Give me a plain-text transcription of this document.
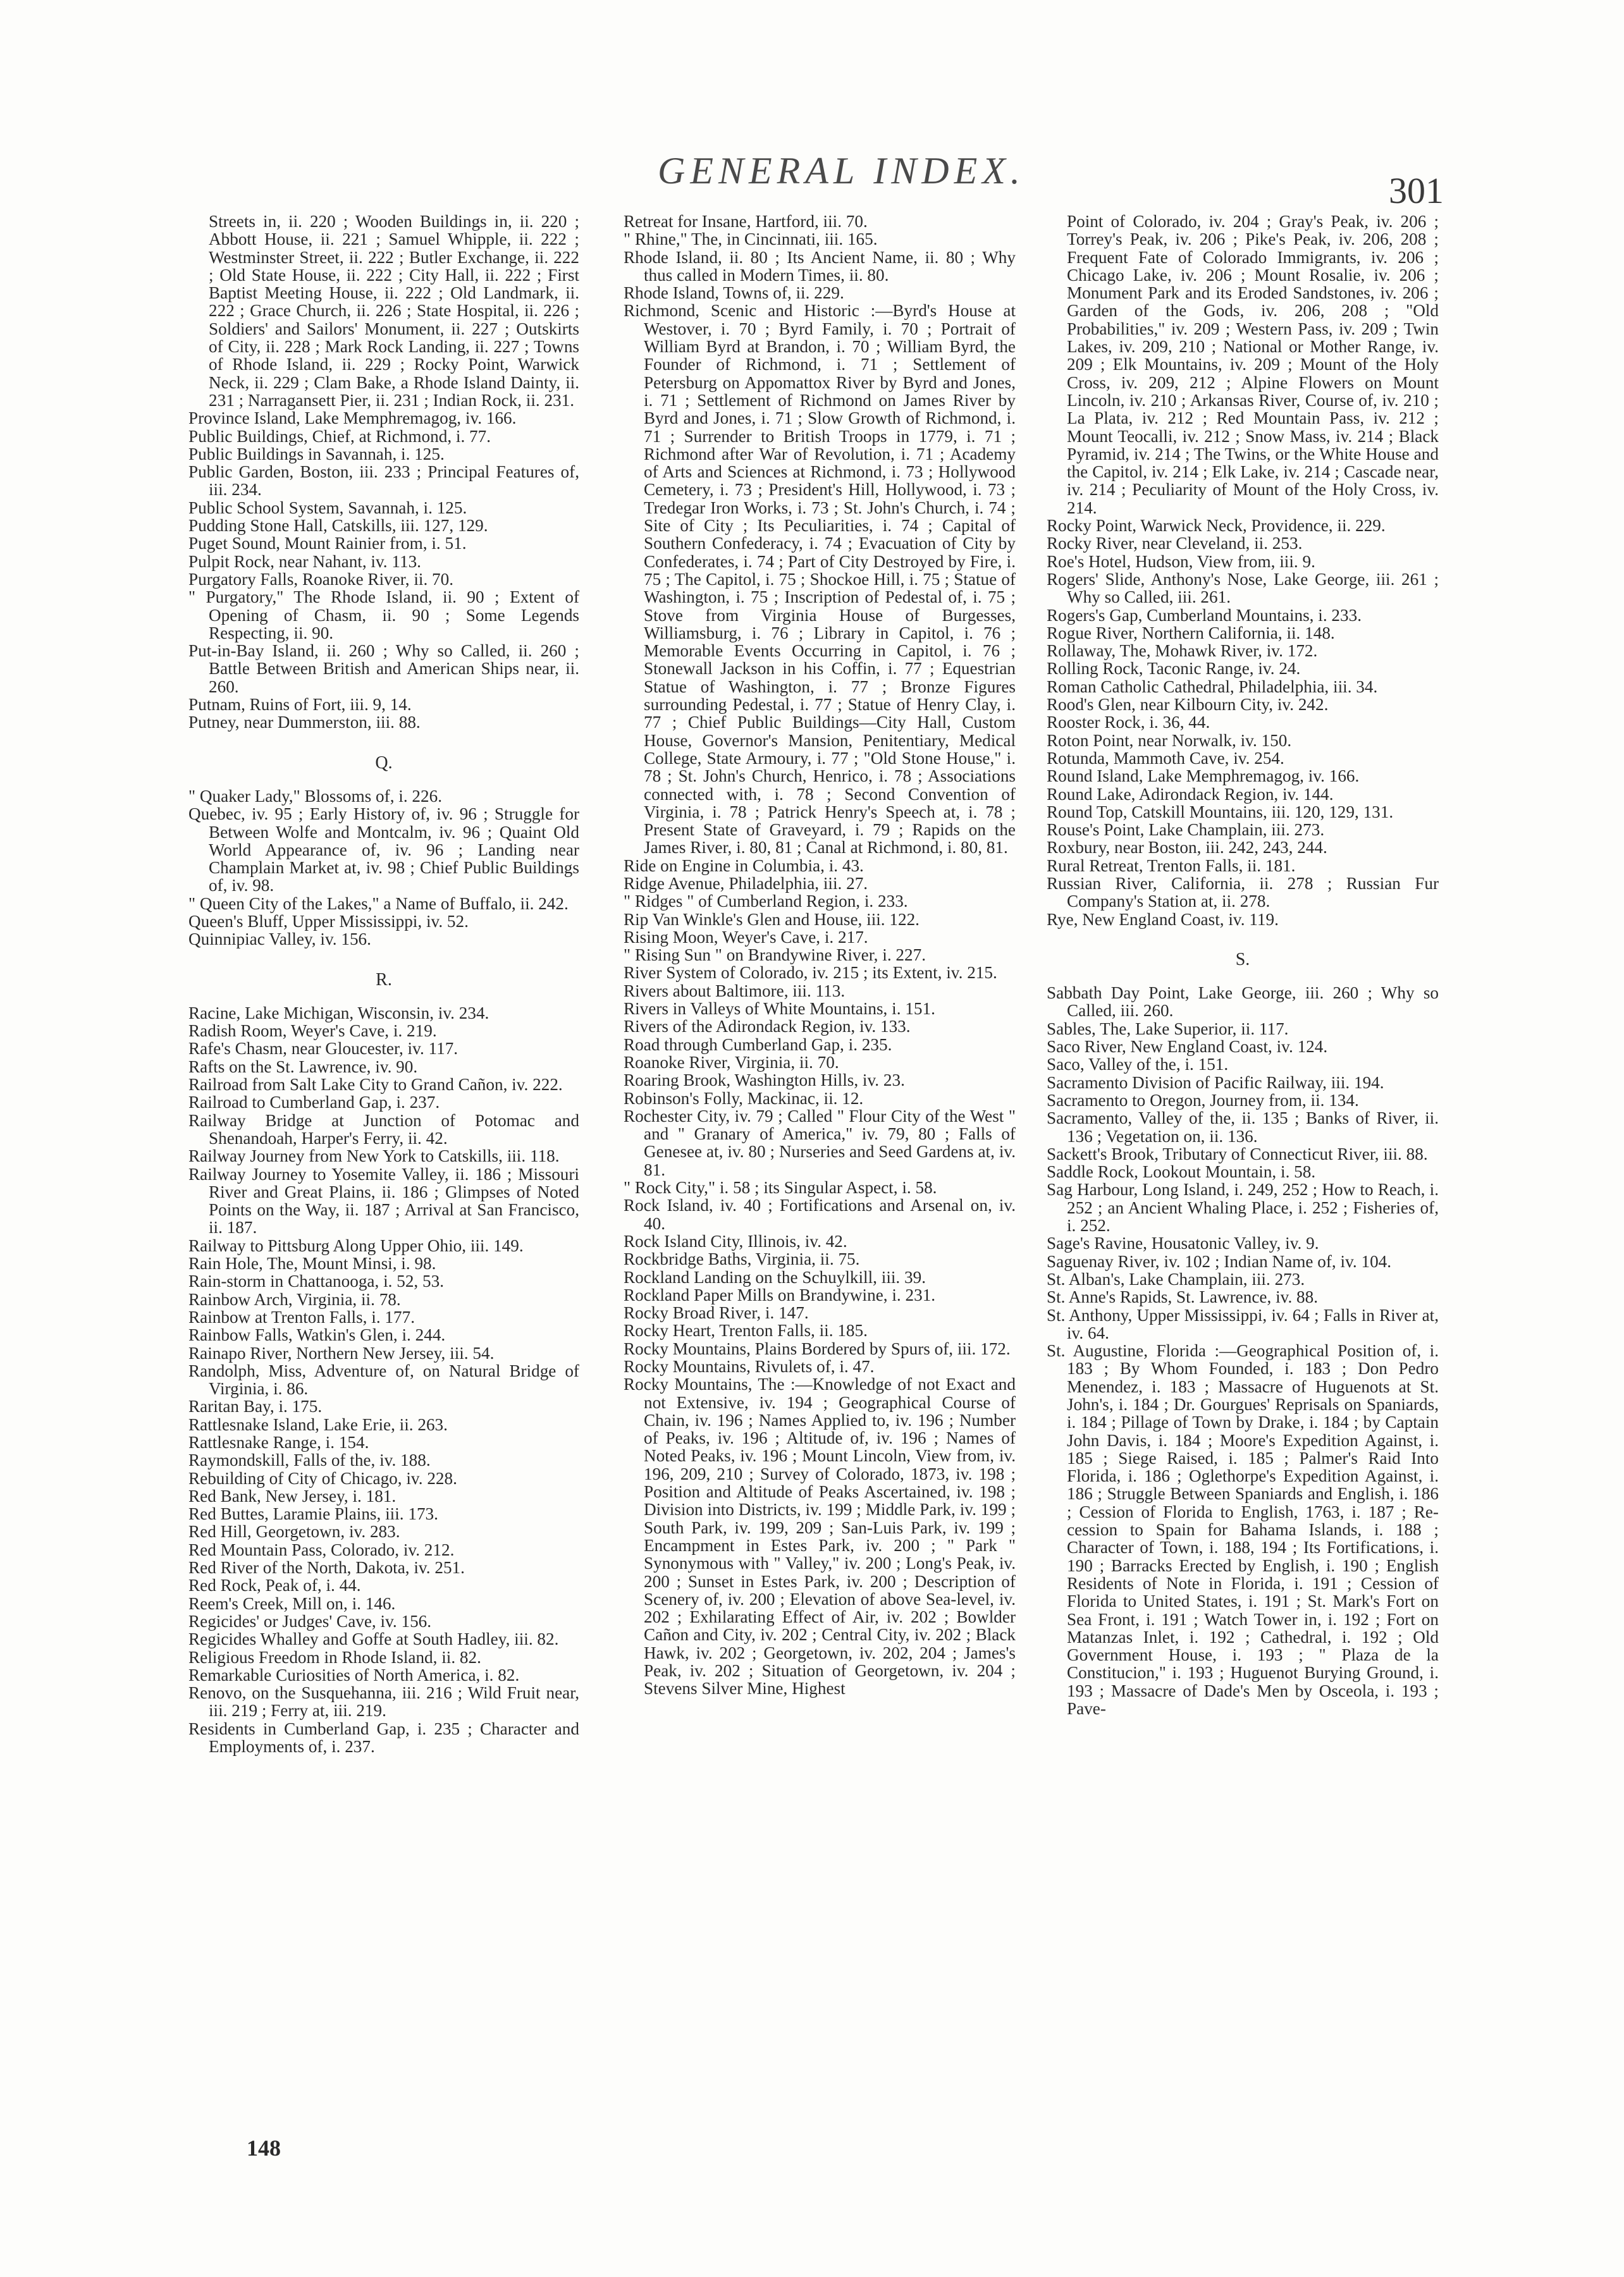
GENERAL INDEX.	301

Streets in, ii. 220 ; Wooden Buildings in, ii. 220 ; Abbott House, ii. 221 ; Samuel Whipple, ii. 222 ; Westminster Street, ii. 222 ; Butler Exchange, ii. 222 ; Old State House, ii. 222 ; City Hall, ii. 222 ; First Baptist Meeting House, ii. 222 ; Old Landmark, ii. 222 ; Grace Church, ii. 226 ; State Hospital, ii. 226 ; Soldiers' and Sailors' Monument, ii. 227 ; Outskirts of City, ii. 228 ; Mark Rock Landing, ii. 227 ; Towns of Rhode Island, ii. 229 ; Rocky Point, Warwick Neck, ii. 229 ; Clam Bake, a Rhode Island Dainty, ii. 231 ; Narragansett Pier, ii. 231 ; Indian Rock, ii. 231.

Province Island, Lake Memphremagog, iv. 166.

Public Buildings, Chief, at Richmond, i. 77.

Public Buildings in Savannah, i. 125.

Public Garden, Boston, iii. 233 ; Principal Features of, iii. 234.

Public School System, Savannah, i. 125.

Pudding Stone Hall, Catskills, iii. 127, 129.

Puget Sound, Mount Rainier from, i. 51.

Pulpit Rock, near Nahant, iv. 113.

Purgatory Falls, Roanoke River, ii. 70.

" Purgatory," The Rhode Island, ii. 90 ; Extent of Opening of Chasm, ii. 90 ; Some Legends Respecting, ii. 90.

Put-in-Bay Island, ii. 260 ; Why so Called, ii. 260 ; Battle Between British and American Ships near, ii. 260.

Putnam, Ruins of Fort, iii. 9, 14.

Putney, near Dummerston, iii. 88.

Q.

" Quaker Lady," Blossoms of, i. 226.

Quebec, iv. 95 ; Early History of, iv. 96 ; Struggle for Between Wolfe and Montcalm, iv. 96 ; Quaint Old World Appearance of, iv. 96 ; Landing near Champlain Market at, iv. 98 ; Chief Public Buildings of, iv. 98.

" Queen City of the Lakes," a Name of Buffalo, ii. 242.

Queen's Bluff, Upper Mississippi, iv. 52.

Quinnipiac Valley, iv. 156.

R.

Racine, Lake Michigan, Wisconsin, iv. 234.

Radish Room, Weyer's Cave, i. 219.

Rafe's Chasm, near Gloucester, iv. 117.

Rafts on the St. Lawrence, iv. 90.

Railroad from Salt Lake City to Grand Cañon, iv. 222.

Railroad to Cumberland Gap, i. 237.

Railway Bridge at Junction of Potomac and Shenandoah, Harper's Ferry, ii. 42.

Railway Journey from New York to Catskills, iii. 118.

Railway Journey to Yosemite Valley, ii. 186 ; Missouri River and Great Plains, ii. 186 ; Glimpses of Noted Points on the Way, ii. 187 ; Arrival at San Francisco, ii. 187.

Railway to Pittsburg Along Upper Ohio, iii. 149.

Rain Hole, The, Mount Minsi, i. 98.

Rain-storm in Chattanooga, i. 52, 53.

Rainbow Arch, Virginia, ii. 78.

Rainbow at Trenton Falls, i. 177.

Rainbow Falls, Watkin's Glen, i. 244.

Rainapo River, Northern New Jersey, iii. 54.

Randolph, Miss, Adventure of, on Natural Bridge of Virginia, i. 86.

Raritan Bay, i. 175.

Rattlesnake Island, Lake Erie, ii. 263.

Rattlesnake Range, i. 154.

Raymondskill, Falls of the, iv. 188.

Rebuilding of City of Chicago, iv. 228.

Red Bank, New Jersey, i. 181.

Red Buttes, Laramie Plains, iii. 173.

Red Hill, Georgetown, iv. 283.

Red Mountain Pass, Colorado, iv. 212.

Red River of the North, Dakota, iv. 251.

Red Rock, Peak of, i. 44.

Reem's Creek, Mill on, i. 146.

Regicides' or Judges' Cave, iv. 156.

Regicides Whalley and Goffe at South Hadley, iii. 82.

Religious Freedom in Rhode Island, ii. 82.

Remarkable Curiosities of North America, i. 82.

Renovo, on the Susquehanna, iii. 216 ; Wild Fruit near, iii. 219 ; Ferry at, iii. 219.

Residents in Cumberland Gap, i. 235 ; Character and Employments of, i. 237.

Retreat for Insane, Hartford, iii. 70.

" Rhine," The, in Cincinnati, iii. 165.

Rhode Island, ii. 80 ; Its Ancient Name, ii. 80 ; Why thus called in Modern Times, ii. 80.

Rhode Island, Towns of, ii. 229.

Richmond, Scenic and Historic :—Byrd's House at Westover, i. 70 ; Byrd Family, i. 70 ; Portrait of William Byrd at Brandon, i. 70 ; William Byrd, the Founder of Richmond, i. 71 ; Settlement of Petersburg on Appomattox River by Byrd and Jones, i. 71 ; Settlement of Richmond on James River by Byrd and Jones, i. 71 ; Slow Growth of Richmond, i. 71 ; Surrender to British Troops in 1779, i. 71 ; Richmond after War of Revolution, i. 71 ; Academy of Arts and Sciences at Richmond, i. 73 ; Hollywood Cemetery, i. 73 ; President's Hill, Hollywood, i. 73 ; Tredegar Iron Works, i. 73 ; St. John's Church, i. 74 ; Site of City ; Its Peculiarities, i. 74 ; Capital of Southern Confederacy, i. 74 ; Evacuation of City by Confederates, i. 74 ; Part of City Destroyed by Fire, i. 75 ; The Capitol, i. 75 ; Shockoe Hill, i. 75 ; Statue of Washington, i. 75 ; Inscription of Pedestal of, i. 75 ; Stove from Virginia House of Burgesses, Williamsburg, i. 76 ; Library in Capitol, i. 76 ; Memorable Events Occurring in Capitol, i. 76 ; Stonewall Jackson in his Coffin, i. 77 ; Equestrian Statue of Washington, i. 77 ; Bronze Figures surrounding Pedestal, i. 77 ; Statue of Henry Clay, i. 77 ; Chief Public Buildings—City Hall, Custom House, Governor's Mansion, Penitentiary, Medical College, State Armoury, i. 77 ; "Old Stone House," i. 78 ; St. John's Church, Henrico, i. 78 ; Associations connected with, i. 78 ; Second Convention of Virginia, i. 78 ; Patrick Henry's Speech at, i. 78 ; Present State of Graveyard, i. 79 ; Rapids on the James River, i. 80, 81 ; Canal at Richmond, i. 80, 81.

Ride on Engine in Columbia, i. 43.

Ridge Avenue, Philadelphia, iii. 27.

" Ridges " of Cumberland Region, i. 233.

Rip Van Winkle's Glen and House, iii. 122.

Rising Moon, Weyer's Cave, i. 217.

" Rising Sun " on Brandywine River, i. 227.

River System of Colorado, iv. 215 ; its Extent, iv. 215.

Rivers about Baltimore, iii. 113.

Rivers in Valleys of White Mountains, i. 151.

Rivers of the Adirondack Region, iv. 133.

Road through Cumberland Gap, i. 235.

Roanoke River, Virginia, ii. 70.

Roaring Brook, Washington Hills, iv. 23.

Robinson's Folly, Mackinac, ii. 12.

Rochester City, iv. 79 ; Called " Flour City of the West " and " Granary of America," iv. 79, 80 ; Falls of Genesee at, iv. 80 ; Nurseries and Seed Gardens at, iv. 81.

" Rock City," i. 58 ; its Singular Aspect, i. 58.

Rock Island, iv. 40 ; Fortifications and Arsenal on, iv. 40.

Rock Island City, Illinois, iv. 42.

Rockbridge Baths, Virginia, ii. 75.

Rockland Landing on the Schuylkill, iii. 39.

Rockland Paper Mills on Brandywine, i. 231.

Rocky Broad River, i. 147.

Rocky Heart, Trenton Falls, ii. 185.

Rocky Mountains, Plains Bordered by Spurs of, iii. 172.

Rocky Mountains, Rivulets of, i. 47.

Rocky Mountains, The :—Knowledge of not Exact and not Extensive, iv. 194 ; Geographical Course of Chain, iv. 196 ; Names Applied to, iv. 196 ; Number of Peaks, iv. 196 ; Altitude of, iv. 196 ; Names of Noted Peaks, iv. 196 ; Mount Lincoln, View from, iv. 196, 209, 210 ; Survey of Colorado, 1873, iv. 198 ; Position and Altitude of Peaks Ascertained, iv. 198 ; Division into Districts, iv. 199 ; Middle Park, iv. 199 ; South Park, iv. 199, 209 ; San-Luis Park, iv. 199 ; Encampment in Estes Park, iv. 200 ; " Park " Synonymous with " Valley," iv. 200 ; Long's Peak, iv. 200 ; Sunset in Estes Park, iv. 200 ; Description of Scenery of, iv. 200 ; Elevation of above Sea-level, iv. 202 ; Exhilarating Effect of Air, iv. 202 ; Bowlder Cañon and City, iv. 202 ; Central City, iv. 202 ; Black Hawk, iv. 202 ; Georgetown, iv. 202, 204 ; James's Peak, iv. 202 ; Situation of Georgetown, iv. 204 ; Stevens Silver Mine, Highest

Point of Colorado, iv. 204 ; Gray's Peak, iv. 206 ; Torrey's Peak, iv. 206 ; Pike's Peak, iv. 206, 208 ; Frequent Fate of Colorado Immigrants, iv. 206 ; Chicago Lake, iv. 206 ; Mount Rosalie, iv. 206 ; Monument Park and its Eroded Sandstones, iv. 206 ; Garden of the Gods, iv. 206, 208 ; "Old Probabilities," iv. 209 ; Western Pass, iv. 209 ; Twin Lakes, iv. 209, 210 ; National or Mother Range, iv. 209 ; Elk Mountains, iv. 209 ; Mount of the Holy Cross, iv. 209, 212 ; Alpine Flowers on Mount Lincoln, iv. 210 ; Arkansas River, Course of, iv. 210 ; La Plata, iv. 212 ; Red Mountain Pass, iv. 212 ; Mount Teocalli, iv. 212 ; Snow Mass, iv. 214 ; Black Pyramid, iv. 214 ; The Twins, or the White House and the Capitol, iv. 214 ; Elk Lake, iv. 214 ; Cascade near, iv. 214 ; Peculiarity of Mount of the Holy Cross, iv. 214.

Rocky Point, Warwick Neck, Providence, ii. 229.

Rocky River, near Cleveland, ii. 253.

Roe's Hotel, Hudson, View from, iii. 9.

Rogers' Slide, Anthony's Nose, Lake George, iii. 261 ; Why so Called, iii. 261.

Rogers's Gap, Cumberland Mountains, i. 233.

Rogue River, Northern California, ii. 148.

Rollaway, The, Mohawk River, iv. 172.

Rolling Rock, Taconic Range, iv. 24.

Roman Catholic Cathedral, Philadelphia, iii. 34.

Rood's Glen, near Kilbourn City, iv. 242.

Rooster Rock, i. 36, 44.

Roton Point, near Norwalk, iv. 150.

Rotunda, Mammoth Cave, iv. 254.

Round Island, Lake Memphremagog, iv. 166.

Round Lake, Adirondack Region, iv. 144.

Round Top, Catskill Mountains, iii. 120, 129, 131.

Rouse's Point, Lake Champlain, iii. 273.

Roxbury, near Boston, iii. 242, 243, 244.

Rural Retreat, Trenton Falls, ii. 181.

Russian River, California, ii. 278 ; Russian Fur Company's Station at, ii. 278.

Rye, New England Coast, iv. 119.

S.

Sabbath Day Point, Lake George, iii. 260 ; Why so Called, iii. 260.

Sables, The, Lake Superior, ii. 117.

Saco River, New England Coast, iv. 124.

Saco, Valley of the, i. 151.

Sacramento Division of Pacific Railway, iii. 194.

Sacramento to Oregon, Journey from, ii. 134.

Sacramento, Valley of the, ii. 135 ; Banks of River, ii. 136 ; Vegetation on, ii. 136.

Sackett's Brook, Tributary of Connecticut River, iii. 88.

Saddle Rock, Lookout Mountain, i. 58.

Sag Harbour, Long Island, i. 249, 252 ; How to Reach, i. 252 ; an Ancient Whaling Place, i. 252 ; Fisheries of, i. 252.

Sage's Ravine, Housatonic Valley, iv. 9.

Saguenay River, iv. 102 ; Indian Name of, iv. 104.

St. Alban's, Lake Champlain, iii. 273.

St. Anne's Rapids, St. Lawrence, iv. 88.

St. Anthony, Upper Mississippi, iv. 64 ; Falls in River at, iv. 64.

St. Augustine, Florida :—Geographical Position of, i. 183 ; By Whom Founded, i. 183 ; Don Pedro Menendez, i. 183 ; Massacre of Huguenots at St. John's, i. 184 ; Dr. Gourgues' Reprisals on Spaniards, i. 184 ; Pillage of Town by Drake, i. 184 ; by Captain John Davis, i. 184 ; Moore's Expedition Against, i. 185 ; Siege Raised, i. 185 ; Palmer's Raid Into Florida, i. 186 ; Oglethorpe's Expedition Against, i. 186 ; Struggle Between Spaniards and English, i. 186 ; Cession of Florida to English, 1763, i. 187 ; Re-cession to Spain for Bahama Islands, i. 188 ; Character of Town, i. 188, 194 ; Its Fortifications, i. 190 ; Barracks Erected by English, i. 190 ; English Residents of Note in Florida, i. 191 ; Cession of Florida to United States, i. 191 ; St. Mark's Fort on Sea Front, i. 191 ; Watch Tower in, i. 192 ; Fort on Matanzas Inlet, i. 192 ; Cathedral, i. 192 ; Old Government House, i. 193 ; " Plaza de la Constitucion," i. 193 ; Huguenot Burying Ground, i. 193 ; Massacre of Dade's Men by Osceola, i. 193 ; Pave-

148
